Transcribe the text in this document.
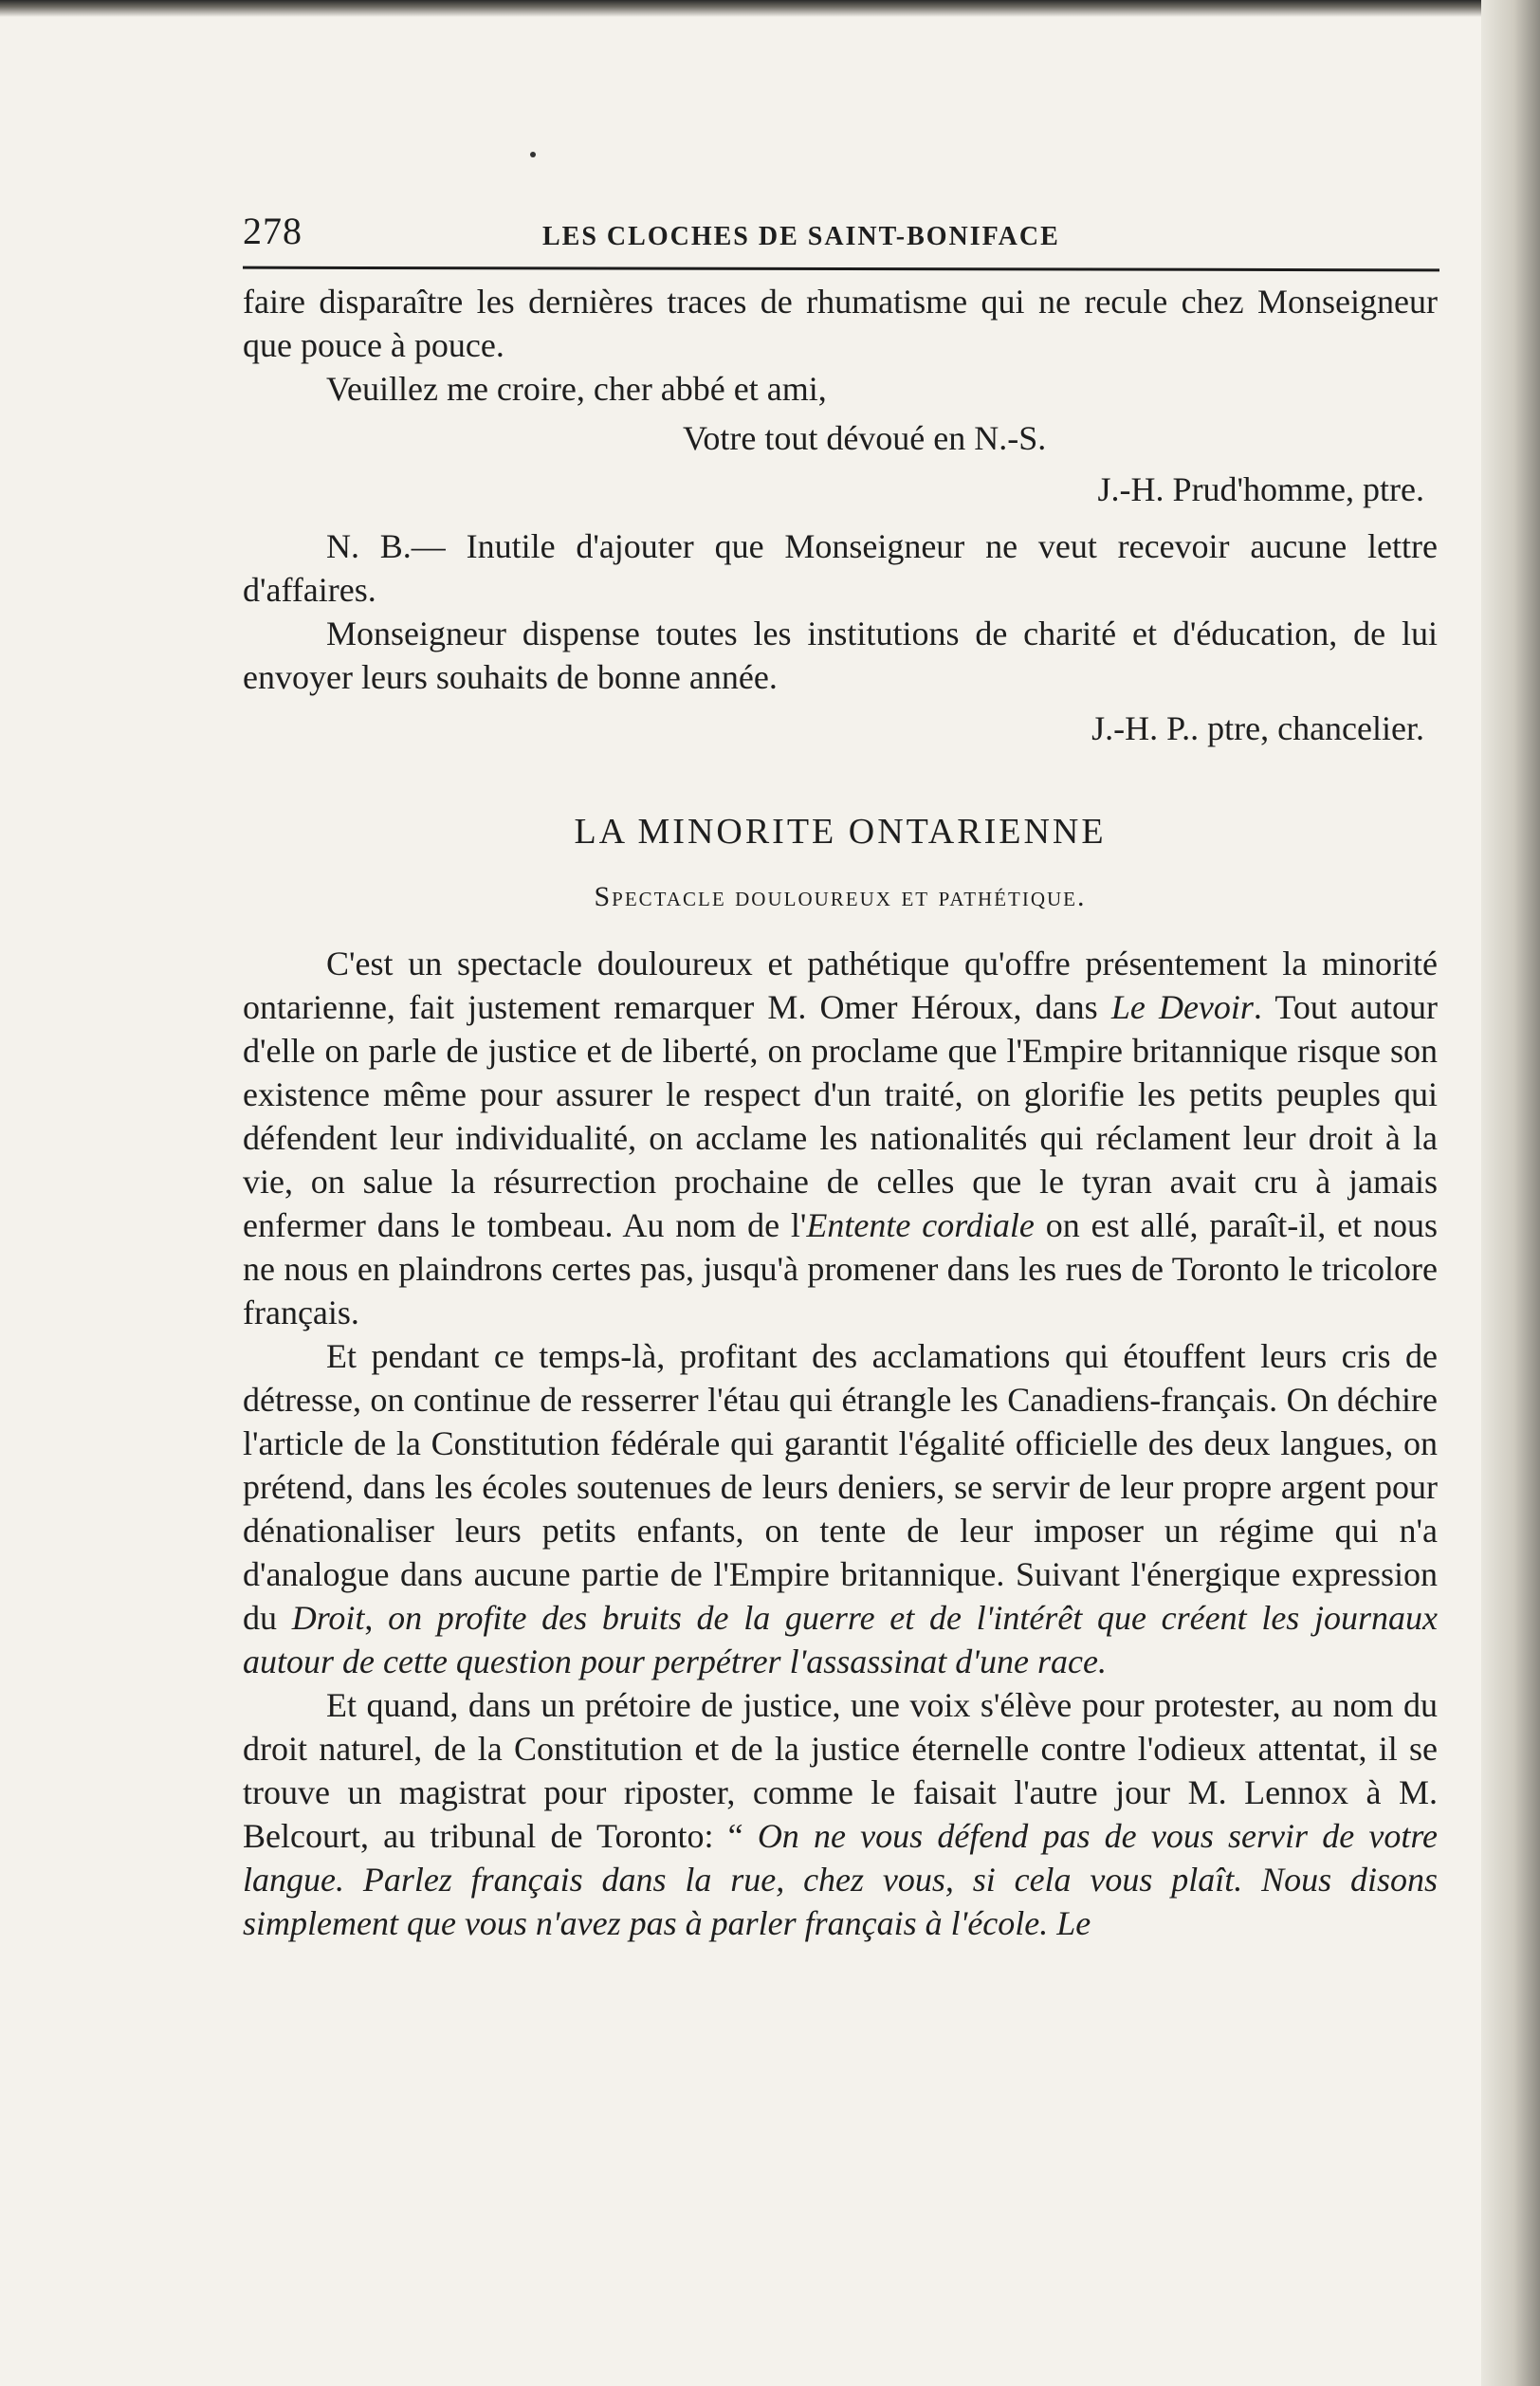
278	LES CLOCHES DE SAINT-BONIFACE

faire disparaître les dernières traces de rhumatisme qui ne recule chez Monseigneur que pouce à pouce.

Veuillez me croire, cher abbé et ami,

Votre tout dévoué en N.-S.

J.-H. Prud'homme, ptre.

N. B.— Inutile d'ajouter que Monseigneur ne veut recevoir aucune lettre d'affaires.

Monseigneur dispense toutes les institutions de charité et d'éducation, de lui envoyer leurs souhaits de bonne année.

J.-H. P.. ptre, chancelier.

LA MINORITE ONTARIENNE
Spectacle douloureux et pathétique.

C'est un spectacle douloureux et pathétique qu'offre présentement la minorité ontarienne, fait justement remarquer M. Omer Héroux, dans Le Devoir. Tout autour d'elle on parle de justice et de liberté, on proclame que l'Empire britannique risque son existence même pour assurer le respect d'un traité, on glorifie les petits peuples qui défendent leur individualité, on acclame les nationalités qui réclament leur droit à la vie, on salue la résurrection prochaine de celles que le tyran avait cru à jamais enfermer dans le tombeau. Au nom de l'Entente cordiale on est allé, paraît-il, et nous ne nous en plaindrons certes pas, jusqu'à promener dans les rues de Toronto le tricolore français.

Et pendant ce temps-là, profitant des acclamations qui étouffent leurs cris de détresse, on continue de resserrer l'étau qui étrangle les Canadiens-français. On déchire l'article de la Constitution fédérale qui garantit l'égalité officielle des deux langues, on prétend, dans les écoles soutenues de leurs deniers, se servir de leur propre argent pour dénationaliser leurs petits enfants, on tente de leur imposer un régime qui n'a d'analogue dans aucune partie de l'Empire britannique. Suivant l'énergique expression du Droit, on profite des bruits de la guerre et de l'intérêt que créent les journaux autour de cette question pour perpétrer l'assassinat d'une race.

Et quand, dans un prétoire de justice, une voix s'élève pour protester, au nom du droit naturel, de la Constitution et de la justice éternelle contre l'odieux attentat, il se trouve un magistrat pour riposter, comme le faisait l'autre jour M. Lennox à M. Belcourt, au tribunal de Toronto: “ On ne vous défend pas de vous servir de votre langue. Parlez français dans la rue, chez vous, si cela vous plaît. Nous disons simplement que vous n'avez pas à parler français à l'école. Le
